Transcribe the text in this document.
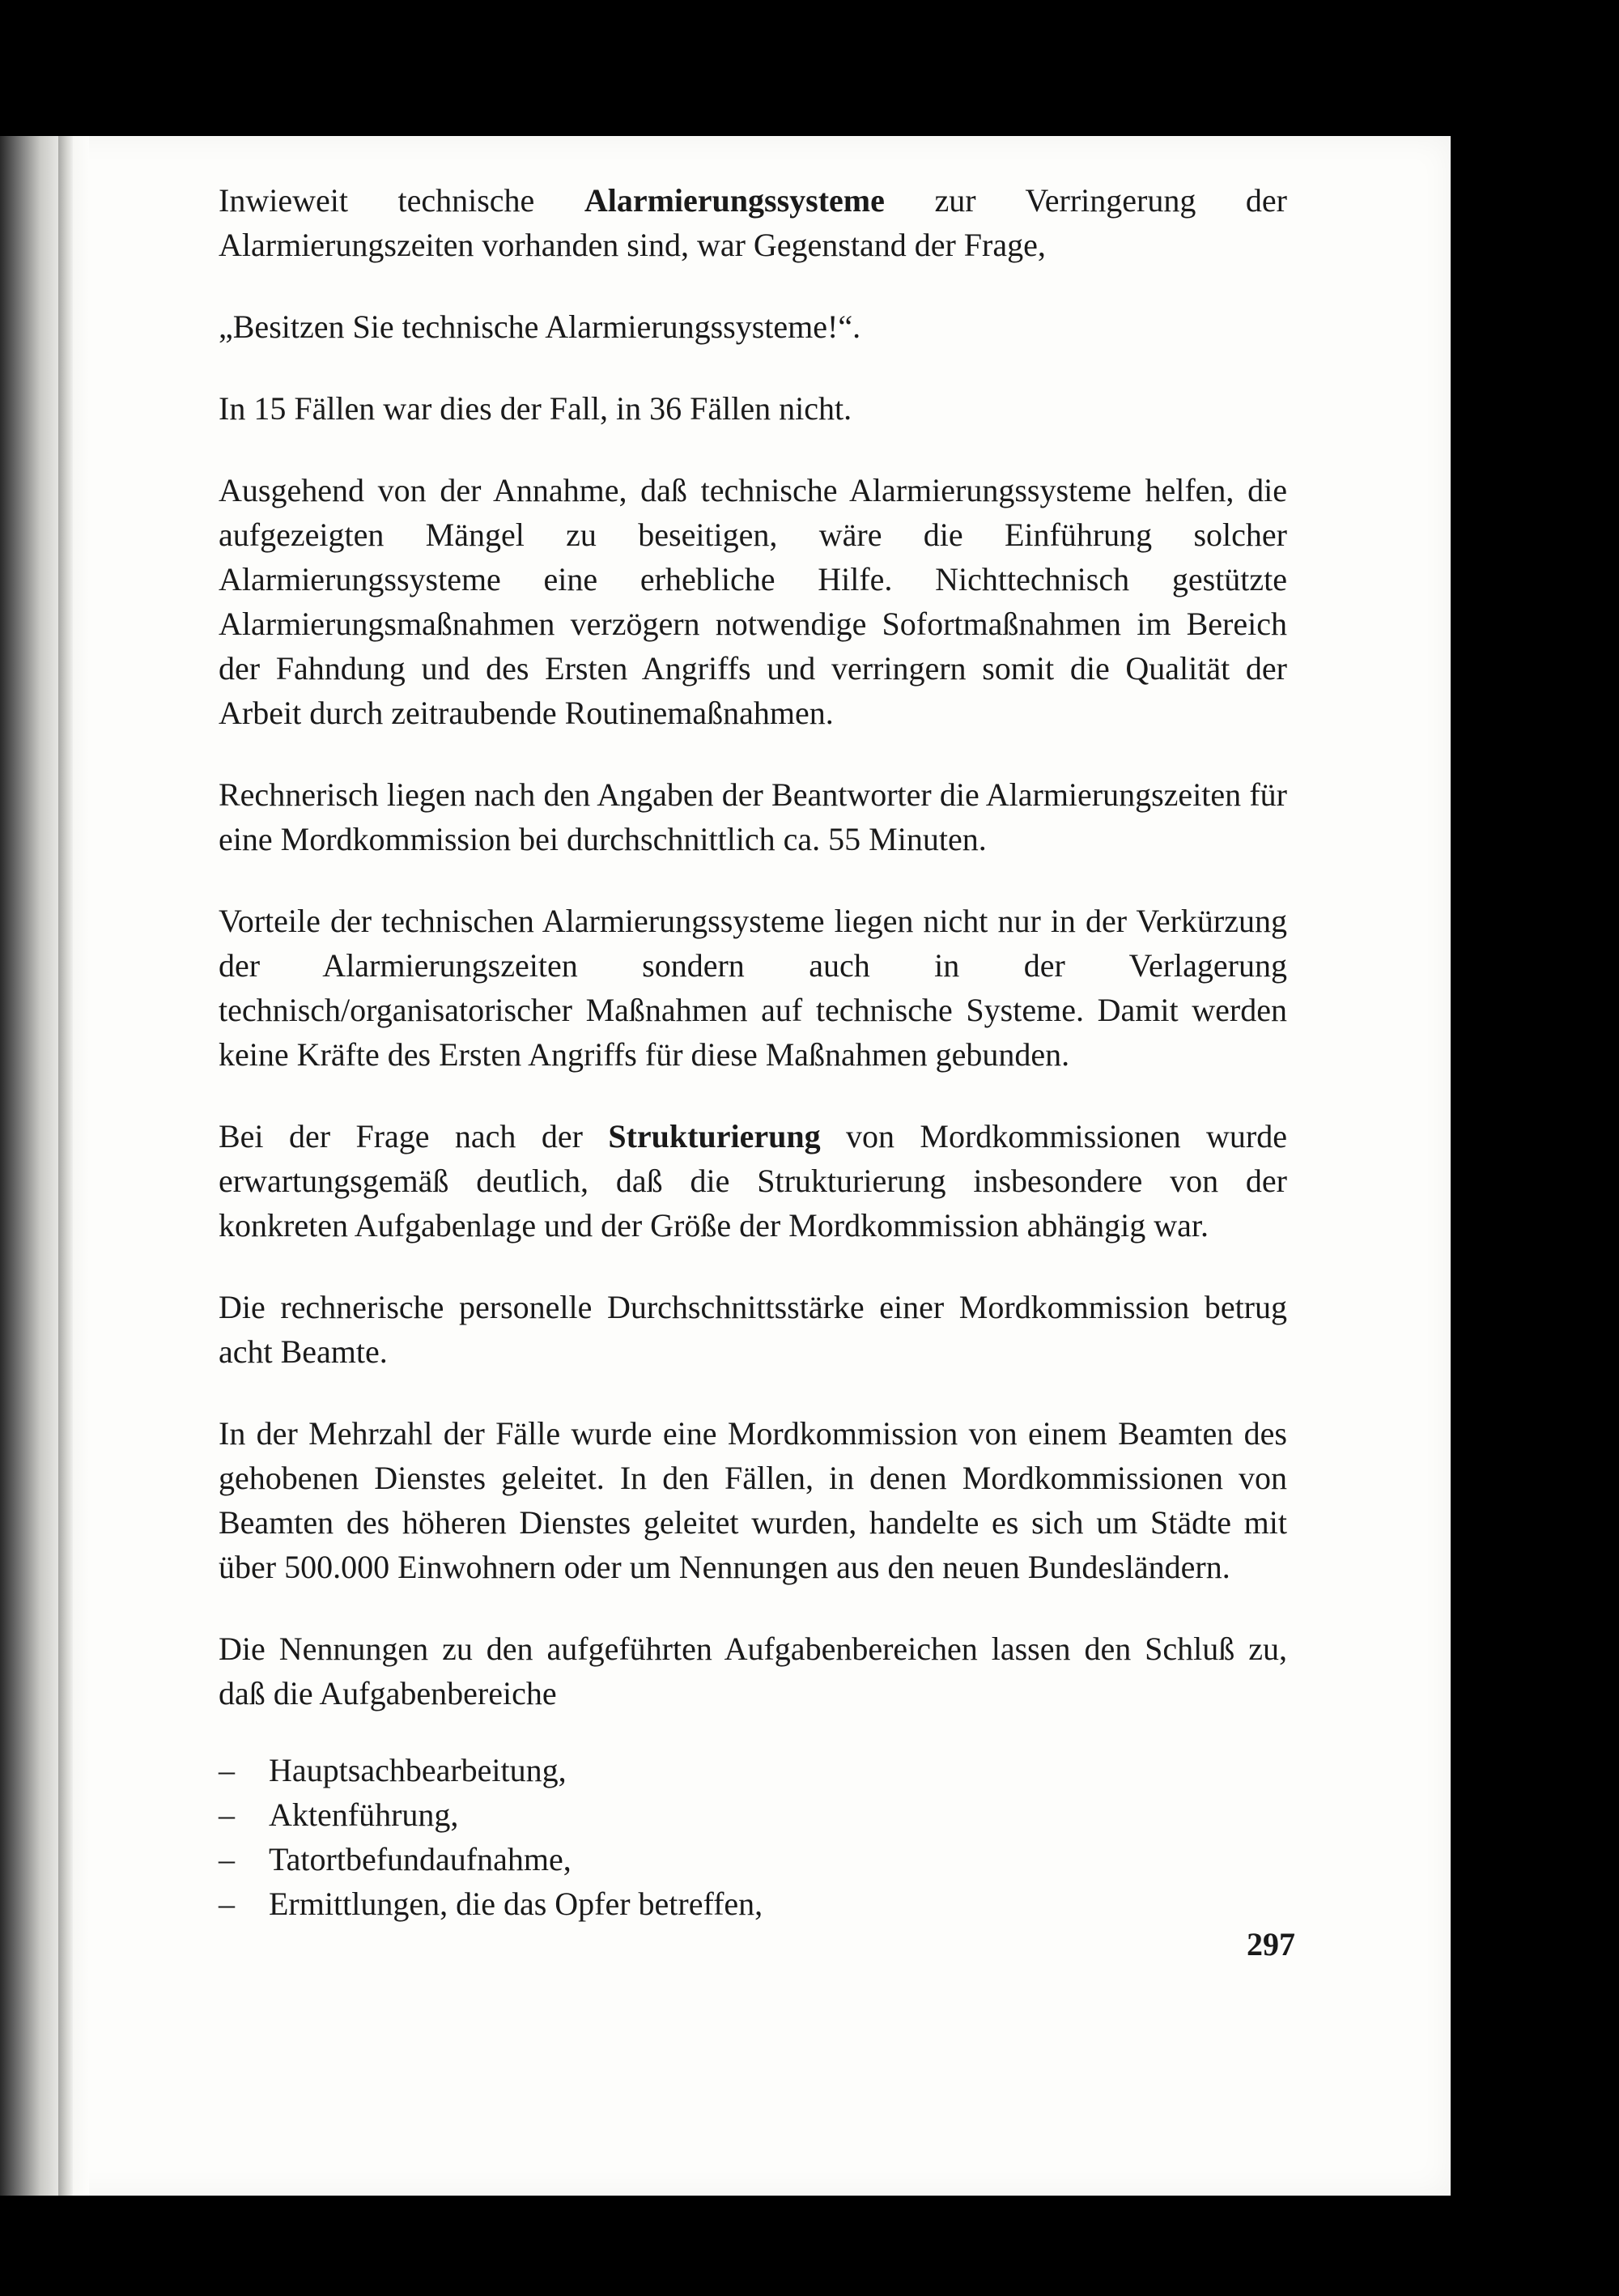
Inwieweit technische Alarmierungssysteme zur Verringerung der Alarmierungszeiten vorhanden sind, war Gegenstand der Frage,

„Besitzen Sie technische Alarmierungssysteme!“.

In 15 Fällen war dies der Fall, in 36 Fällen nicht.

Ausgehend von der Annahme, daß technische Alarmierungssysteme helfen, die aufgezeigten Mängel zu beseitigen, wäre die Einführung solcher Alarmierungssysteme eine erhebliche Hilfe. Nichttechnisch gestützte Alarmierungsmaßnahmen verzögern notwendige Sofortmaßnahmen im Bereich der Fahndung und des Ersten Angriffs und verringern somit die Qualität der Arbeit durch zeitraubende Routinemaßnahmen.

Rechnerisch liegen nach den Angaben der Beantworter die Alarmierungszeiten für eine Mordkommission bei durchschnittlich ca. 55 Minuten.

Vorteile der technischen Alarmierungssysteme liegen nicht nur in der Verkürzung der Alarmierungszeiten sondern auch in der Verlagerung technisch/organisatorischer Maßnahmen auf technische Systeme. Damit werden keine Kräfte des Ersten Angriffs für diese Maßnahmen gebunden.

Bei der Frage nach der Strukturierung von Mordkommissionen wurde erwartungsgemäß deutlich, daß die Strukturierung insbesondere von der konkreten Aufgabenlage und der Größe der Mordkommission abhängig war.

Die rechnerische personelle Durchschnittsstärke einer Mordkommission betrug acht Beamte.

In der Mehrzahl der Fälle wurde eine Mordkommission von einem Beamten des gehobenen Dienstes geleitet. In den Fällen, in denen Mordkommissionen von Beamten des höheren Dienstes geleitet wurden, handelte es sich um Städte mit über 500.000 Einwohnern oder um Nennungen aus den neuen Bundesländern.

Die Nennungen zu den aufgeführten Aufgabenbereichen lassen den Schluß zu, daß die Aufgabenbereiche

– Hauptsachbearbeitung,
– Aktenführung,
– Tatortbefundaufnahme,
– Ermittlungen, die das Opfer betreffen,
297
